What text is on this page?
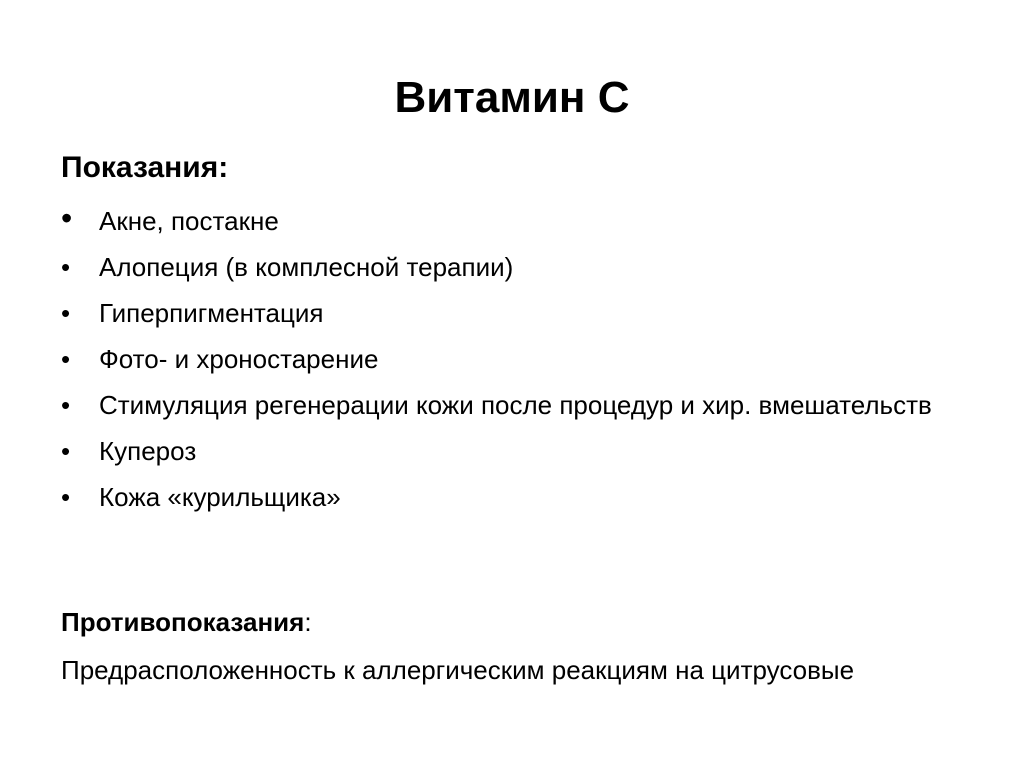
Витамин С
Показания:
• Акне, постакне
• Алопеция (в комплесной терапии)
• Гиперпигментация
• Фото- и хроностарение
• Стимуляция регенерации кожи после процедур и хир. вмешательств
• Купероз
• Кожа «курильщика»
Противопоказания:
Предрасположенность к аллергическим реакциям на цитрусовые
